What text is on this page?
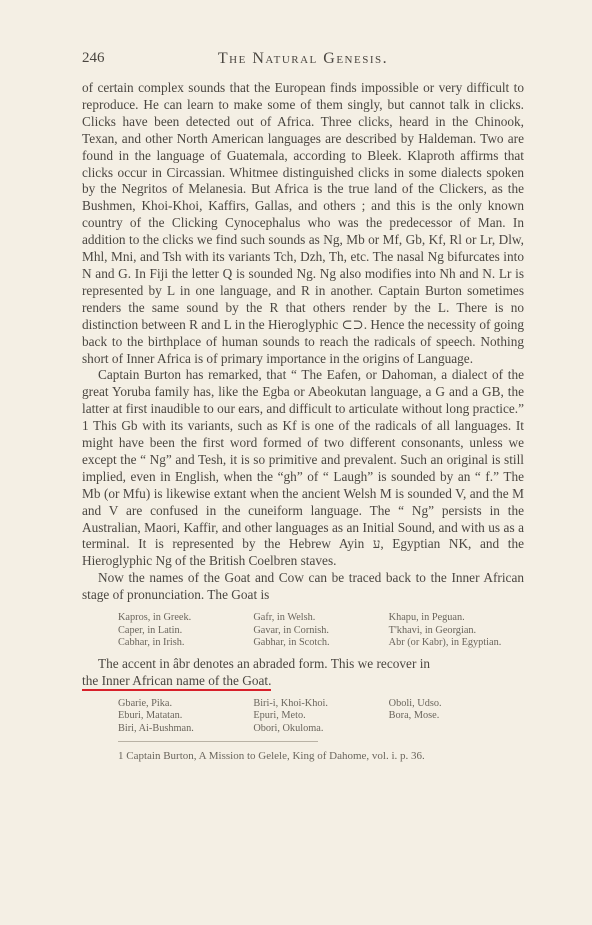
246	The Natural Genesis.

of certain complex sounds that the European finds impossible or very difficult to reproduce. He can learn to make some of them singly, but cannot talk in clicks. Clicks have been detected out of Africa. Three clicks, heard in the Chinook, Texan, and other North American languages are described by Haldeman. Two are found in the language of Guatemala, according to Bleek. Klaproth affirms that clicks occur in Circassian. Whitmee distinguished clicks in some dialects spoken by the Negritos of Melanesia. But Africa is the true land of the Clickers, as the Bushmen, Khoi-Khoi, Kaffirs, Gallas, and others ; and this is the only known country of the Clicking Cynocephalus who was the predecessor of Man. In addition to the clicks we find such sounds as Ng, Mb or Mf, Gb, Kf, Rl or Lr, Dlw, Mhl, Mni, and Tsh with its variants Tch, Dzh, Th, etc. The nasal Ng bifurcates into N and G. In Fiji the letter Q is sounded Ng. Ng also modifies into Nh and N. Lr is represented by L in one language, and R in another. Captain Burton sometimes renders the same sound by the R that others render by the L. There is no distinction between R and L in the Hieroglyphic ⊂⊃. Hence the necessity of going back to the birthplace of human sounds to reach the radicals of speech. Nothing short of Inner Africa is of primary importance in the origins of Language.

Captain Burton has remarked, that “ The Eafen, or Dahoman, a dialect of the great Yoruba family has, like the Egba or Abeokutan language, a G and a GB, the latter at first inaudible to our ears, and difficult to articulate without long practice.” 1 This Gb with its variants, such as Kf is one of the radicals of all languages. It might have been the first word formed of two different consonants, unless we except the “ Ng” and Tesh, it is so primitive and prevalent. Such an original is still implied, even in English, when the “gh” of “ Laugh” is sounded by an “ f.” The Mb (or Mfu) is likewise extant when the ancient Welsh M is sounded V, and the M and V are confused in the cuneiform language. The “ Ng” persists in the Australian, Maori, Kaffir, and other languages as an Initial Sound, and with us as a terminal. It is represented by the Hebrew Ayin ע, Egyptian NK, and the Hieroglyphic Ng of the British Coelbren staves.

Now the names of the Goat and Cow can be traced back to the Inner African stage of pronunciation. The Goat is

Kapros, in Greek.
Caper, in Latin.
Cabhar, in Irish.
Gafr, in Welsh.
Gavar, in Cornish.
Gabhar, in Scotch.
Khapu, in Peguan.
T'khavi, in Georgian.
Abr (or Kabr), in Egyptian.

The accent in âbr denotes an abraded form. This we recover in

the Inner African name of the Goat.

Gbarie, Pika.
Eburi, Matatan.
Biri, Ai-Bushman.
Biri-i, Khoi-Khoi.
Epuri, Meto.
Obori, Okuloma.
Oboli, Udso.
Bora, Mose.
1 Captain Burton, A Mission to Gelele, King of Dahome, vol. i. p. 36.
